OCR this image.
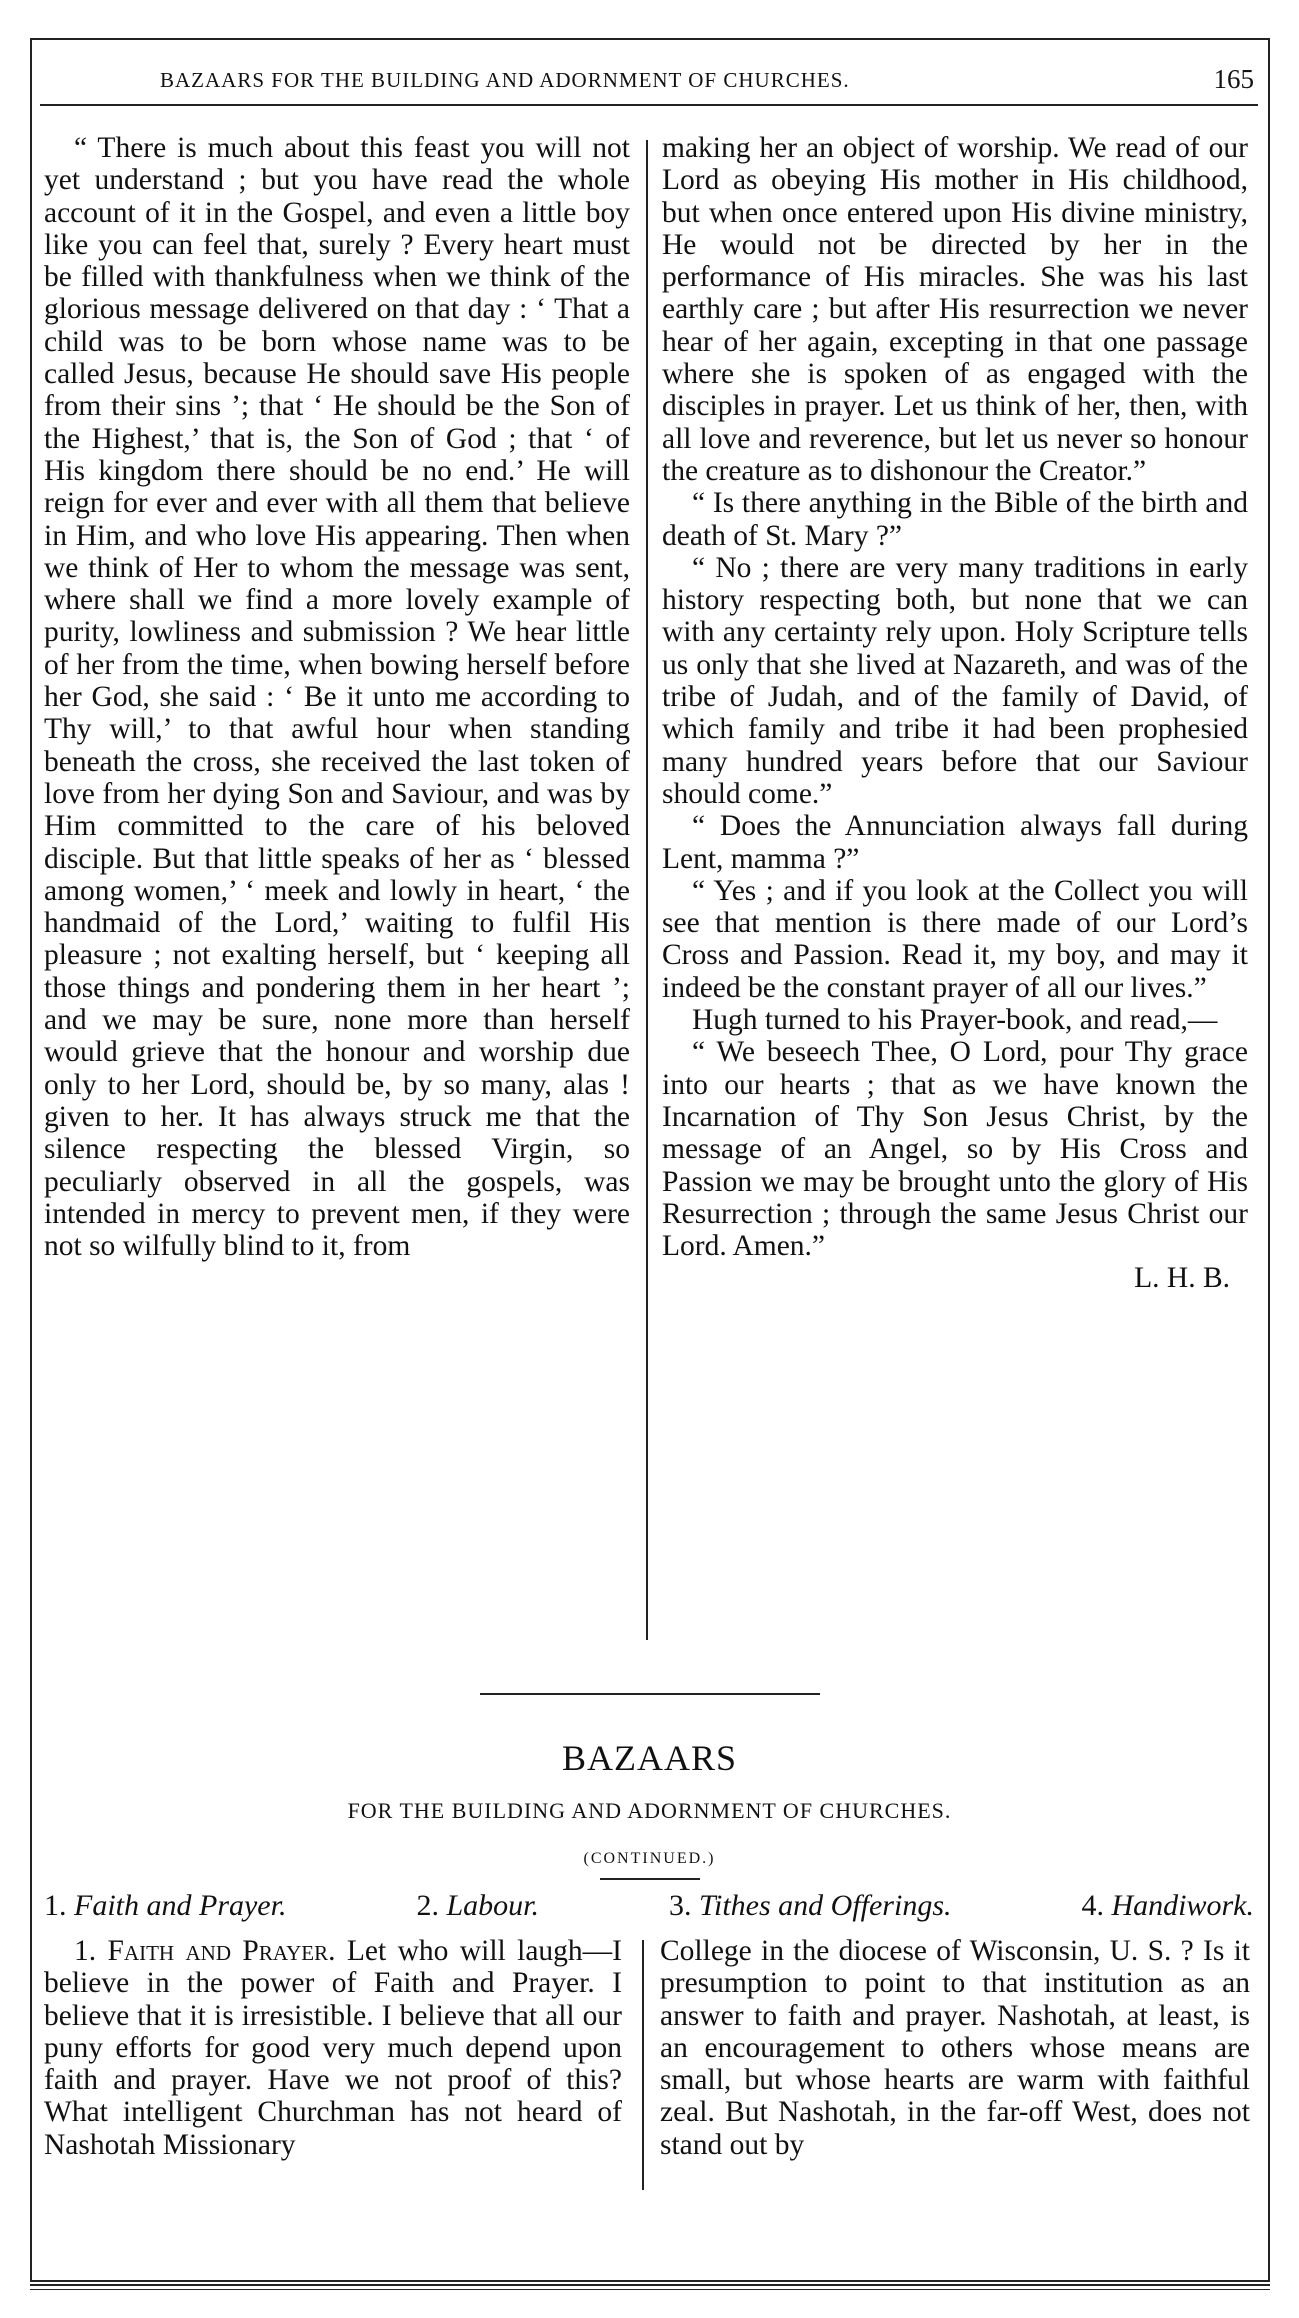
BAZAARS FOR THE BUILDING AND ADORNMENT OF CHURCHES.	165

“ There is much about this feast you will not yet understand ; but you have read the whole account of it in the Gospel, and even a little boy like you can feel that, surely ? Every heart must be filled with thankfulness when we think of the glorious message delivered on that day : ‘ That a child was to be born whose name was to be called Jesus, because He should save His people from their sins ’; that ‘ He should be the Son of the Highest,’ that is, the Son of God ; that ‘ of His kingdom there should be no end.’ He will reign for ever and ever with all them that believe in Him, and who love His appearing. Then when we think of Her to whom the message was sent, where shall we find a more lovely example of purity, lowliness and submission ? We hear little of her from the time, when bowing herself before her God, she said : ‘ Be it unto me according to Thy will,’ to that awful hour when standing beneath the cross, she received the last token of love from her dying Son and Saviour, and was by Him committed to the care of his beloved disciple. But that little speaks of her as ‘ blessed among women,’ ‘ meek and lowly in heart, ‘ the handmaid of the Lord,’ waiting to fulfil His pleasure ; not exalting herself, but ‘ keeping all those things and pondering them in her heart ’; and we may be sure, none more than herself would grieve that the honour and worship due only to her Lord, should be, by so many, alas ! given to her. It has always struck me that the silence respecting the blessed Virgin, so peculiarly observed in all the gospels, was intended in mercy to prevent men, if they were not so wilfully blind to it, from

making her an object of worship. We read of our Lord as obeying His mother in His childhood, but when once entered upon His divine ministry, He would not be directed by her in the performance of His miracles. She was his last earthly care ; but after His resurrection we never hear of her again, excepting in that one passage where she is spoken of as engaged with the disciples in prayer. Let us think of her, then, with all love and reverence, but let us never so honour the creature as to dishonour the Creator.”

“ Is there anything in the Bible of the birth and death of St. Mary ?”

“ No ; there are very many traditions in early history respecting both, but none that we can with any certainty rely upon. Holy Scripture tells us only that she lived at Nazareth, and was of the tribe of Judah, and of the family of David, of which family and tribe it had been prophesied many hundred years before that our Saviour should come.”

“ Does the Annunciation always fall during Lent, mamma ?”

“ Yes ; and if you look at the Collect you will see that mention is there made of our Lord’s Cross and Passion. Read it, my boy, and may it indeed be the constant prayer of all our lives.”

Hugh turned to his Prayer-book, and read,—

“ We beseech Thee, O Lord, pour Thy grace into our hearts ; that as we have known the Incarnation of Thy Son Jesus Christ, by the message of an Angel, so by His Cross and Passion we may be brought unto the glory of His Resurrection ; through the same Jesus Christ our Lord. Amen.”

L. H. B.

BAZAARS
FOR THE BUILDING AND ADORNMENT OF CHURCHES.
(CONTINUED.)
1. Faith and Prayer.	2. Labour.	3. Tithes and Offerings.	4. Handiwork.

1. Faith and Prayer. Let who will laugh—I believe in the power of Faith and Prayer. I believe that it is irresistible. I believe that all our puny efforts for good very much depend upon faith and prayer. Have we not proof of this? What intelligent Churchman has not heard of Nashotah Missionary

College in the diocese of Wisconsin, U. S. ? Is it presumption to point to that institution as an answer to faith and prayer. Nashotah, at least, is an encouragement to others whose means are small, but whose hearts are warm with faithful zeal. But Nashotah, in the far-off West, does not stand out by
